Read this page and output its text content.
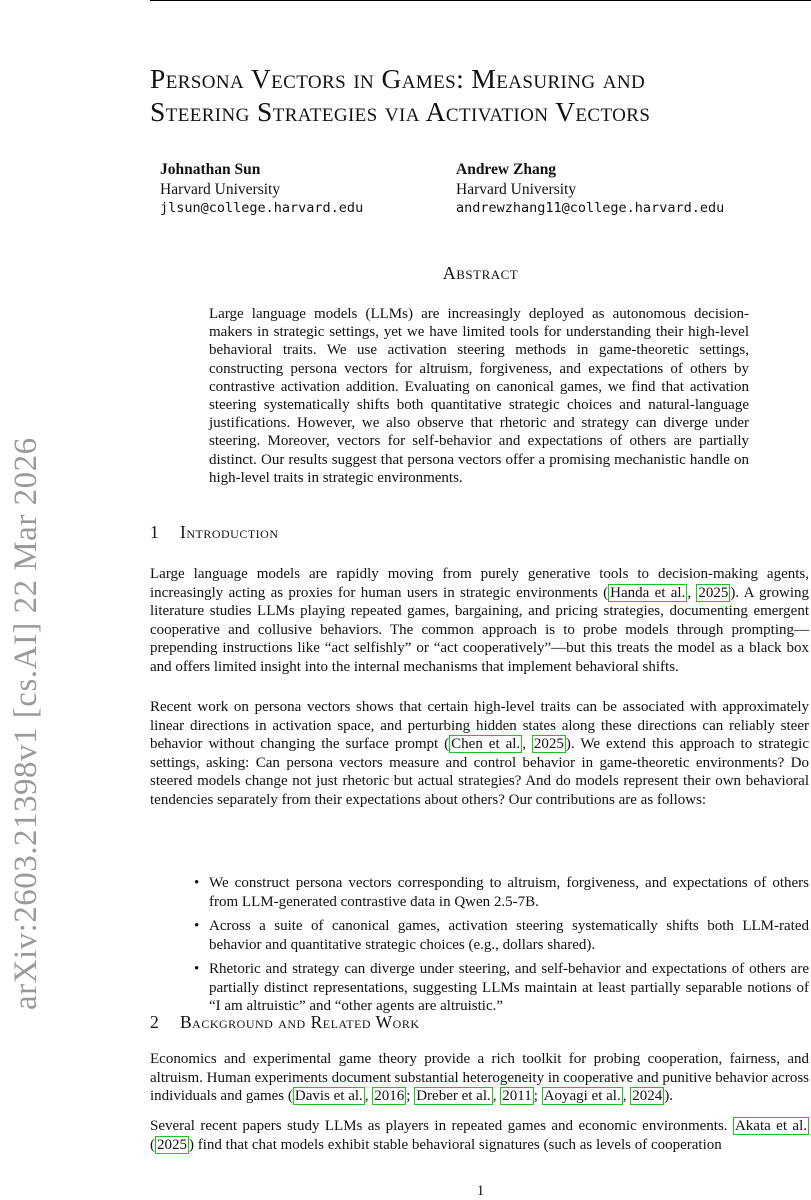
arXiv:2603.21398v1 [cs.AI] 22 Mar 2026
Persona Vectors in Games: Measuring and
Steering Strategies via Activation Vectors
Johnathan Sun
Harvard University
jlsun@college.harvard.edu
Andrew Zhang
Harvard University
andrewzhang11@college.harvard.edu
Abstract

Large language models (LLMs) are increasingly deployed as autonomous decision-makers in strategic settings, yet we have limited tools for understanding their high-level behavioral traits. We use activation steering methods in game-theoretic settings, constructing persona vectors for altruism, forgiveness, and expectations of others by contrastive activation addition. Evaluating on canonical games, we find that activation steering systematically shifts both quantitative strategic choices and natural-language justifications. However, we also observe that rhetoric and strategy can diverge under steering. Moreover, vectors for self-behavior and expectations of others are partially distinct. Our results suggest that persona vectors offer a promising mechanistic handle on high-level traits in strategic environments.

1 Introduction

Large language models are rapidly moving from purely generative tools to decision-making agents, increasingly acting as proxies for human users in strategic environments ( Handa et al. , 2025 ). A growing literature studies LLMs playing repeated games, bargaining, and pricing strategies, documenting emergent cooperative and collusive behaviors. The common approach is to probe models through prompting—prepending instructions like “act selfishly” or “act cooperatively”—but this treats the model as a black box and offers limited insight into the internal mechanisms that implement behavioral shifts.

Recent work on persona vectors shows that certain high-level traits can be associated with approximately linear directions in activation space, and perturbing hidden states along these directions can reliably steer behavior without changing the surface prompt ( Chen et al. , 2025 ). We extend this approach to strategic settings, asking: Can persona vectors measure and control behavior in game-theoretic environments? Do steered models change not just rhetoric but actual strategies? And do models represent their own behavioral tendencies separately from their expectations about others? Our contributions are as follows:

• We construct persona vectors corresponding to altruism, forgiveness, and expectations of others from LLM-generated contrastive data in Qwen 2.5-7B.
• Across a suite of canonical games, activation steering systematically shifts both LLM-rated behavior and quantitative strategic choices (e.g., dollars shared).
• Rhetoric and strategy can diverge under steering, and self-behavior and expectations of others are partially distinct representations, suggesting LLMs maintain at least partially separable notions of “I am altruistic” and “other agents are altruistic.”
2 Background and Related Work

Economics and experimental game theory provide a rich toolkit for probing cooperation, fairness, and altruism. Human experiments document substantial heterogeneity in cooperative and punitive behavior across individuals and games ( Davis et al. , 2016 ; Dreber et al. , 2011 ; Aoyagi et al. , 2024 ).

Several recent papers study LLMs as players in repeated games and economic environments. Akata et al. ( 2025 ) find that chat models exhibit stable behavioral signatures (such as levels of cooperation

1
